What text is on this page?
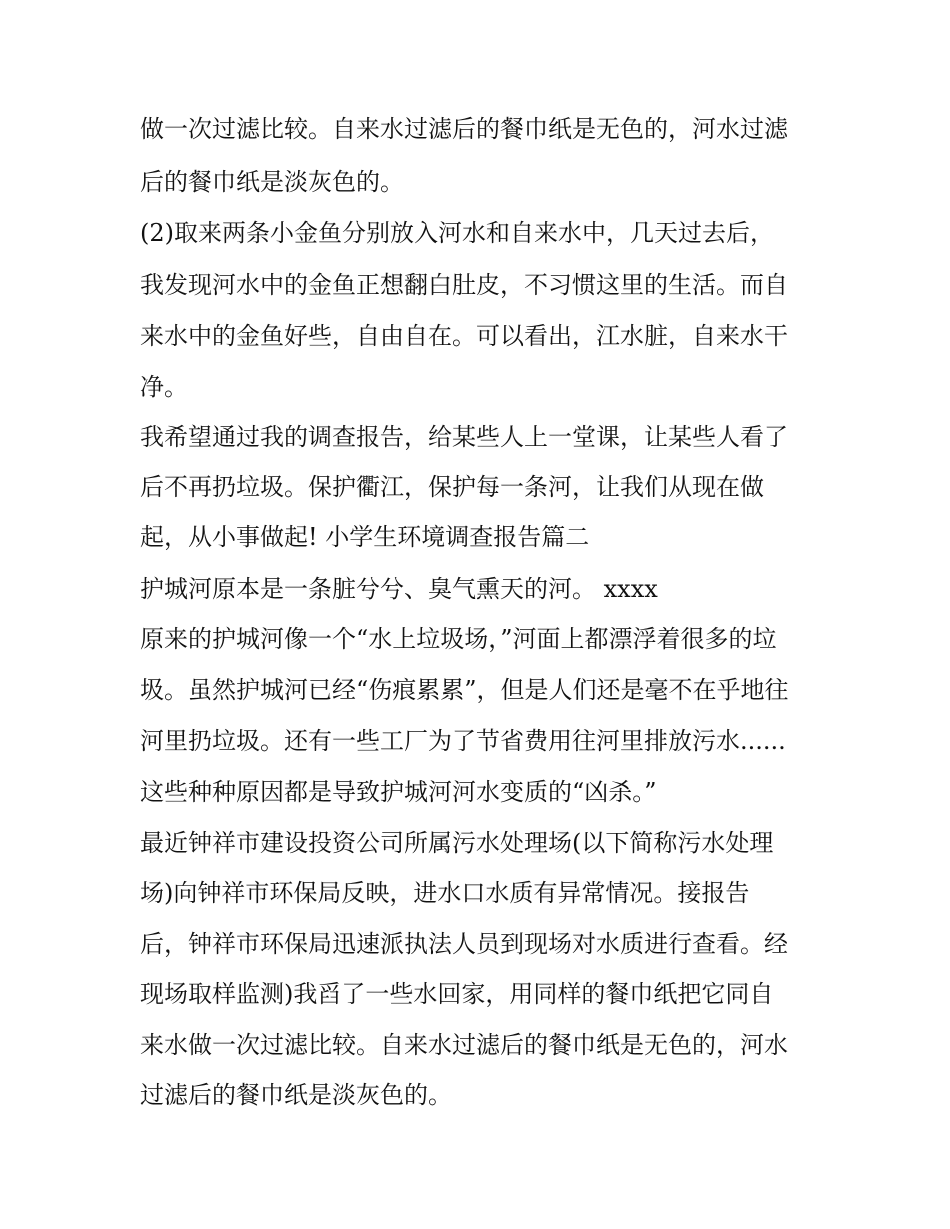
做一次过滤比较。自来水过滤后的餐巾纸是无色的，河水过滤

后的餐巾纸是淡灰色的。

(2)取来两条小金鱼分别放入河水和自来水中，几天过去后，

我发现河水中的金鱼正想翻白肚皮，不习惯这里的生活。而自

来水中的金鱼好些，自由自在。可以看出，江水脏，自来水干

净。

我希望通过我的调查报告，给某些人上一堂课，让某些人看了

后不再扔垃圾。保护衢江，保护每一条河，让我们从现在做

起，从小事做起! 小学生环境调查报告篇二

护城河原本是一条脏兮兮、臭气熏天的河。 xxxx

原来的护城河像一个“水上垃圾场，”河面上都漂浮着很多的垃

圾。虽然护城河已经“伤痕累累”，但是人们还是毫不在乎地往

河里扔垃圾。还有一些工厂为了节省费用往河里排放污水......

这些种种原因都是导致护城河河水变质的“凶杀。”

最近钟祥市建设投资公司所属污水处理场(以下简称污水处理

场)向钟祥市环保局反映，进水口水质有异常情况。接报告

后，钟祥市环保局迅速派执法人员到现场对水质进行查看。经

现场取样监测)我舀了一些水回家，用同样的餐巾纸把它同自

来水做一次过滤比较。自来水过滤后的餐巾纸是无色的，河水

过滤后的餐巾纸是淡灰色的。
